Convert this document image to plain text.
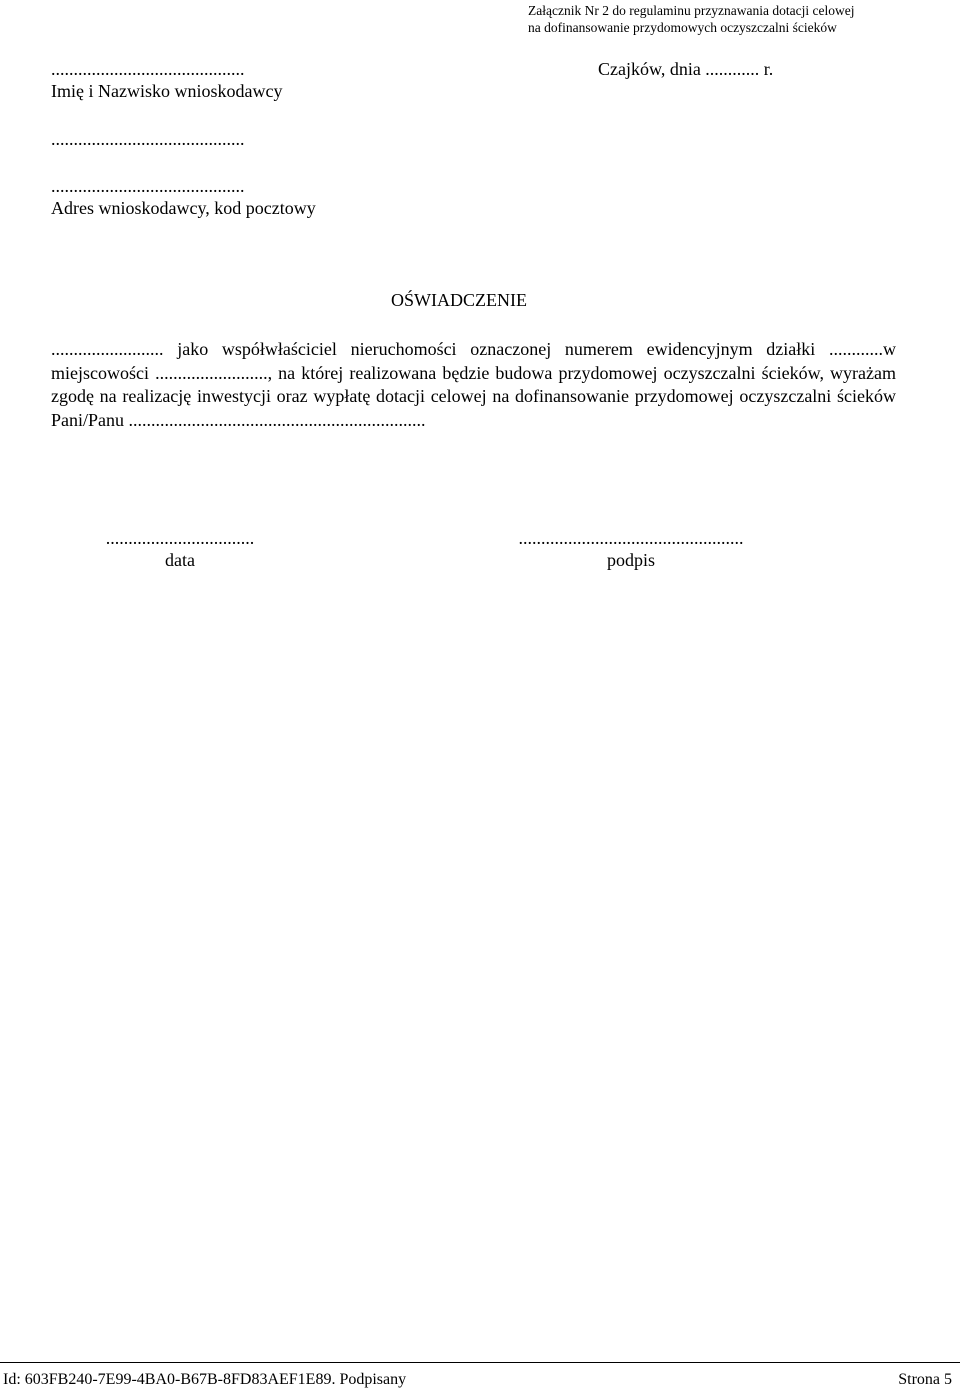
Załącznik Nr 2 do regulaminu przyznawania dotacji celowej
na dofinansowanie przydomowych oczyszczalni ścieków
...........................................
Imię i Nazwisko wnioskodawcy
Czajków, dnia ............ r.
...........................................
...........................................
Adres wnioskodawcy, kod pocztowy
OŚWIADCZENIE
......................... jako współwłaściciel nieruchomości oznaczonej numerem ewidencyjnym działki ............w miejscowości ........................., na której realizowana będzie budowa przydomowej oczyszczalni ścieków, wyrażam zgodę na realizację inwestycji oraz wypłatę dotacji celowej na dofinansowanie przydomowej oczyszczalni ścieków Pani/Panu ..................................................................
.................................
data
..................................................
podpis
Id: 603FB240-7E99-4BA0-B67B-8FD83AEF1E89. Podpisany	Strona 5
